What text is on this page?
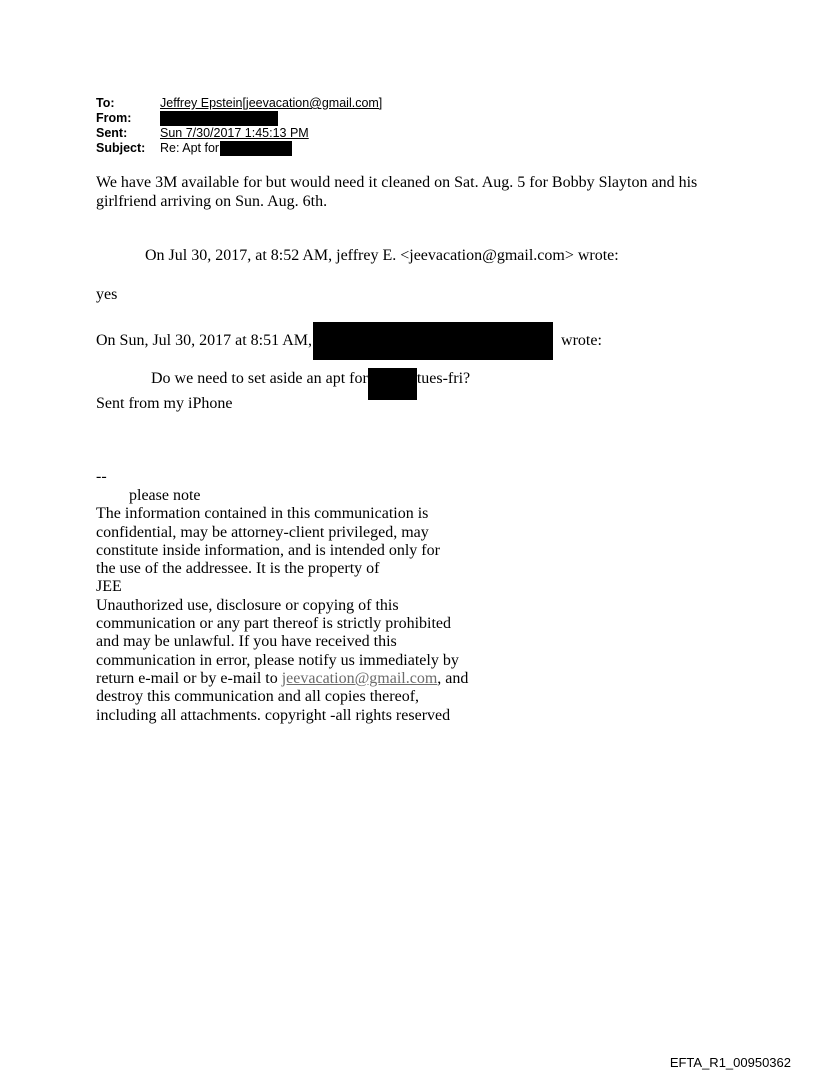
To:	Jeffrey Epstein[jeevacation@gmail.com]
From:
Sent:	Sun 7/30/2017 1:45:13 PM
Subject:	Re: Apt for
We have 3M available for but would need it cleaned on Sat. Aug. 5 for Bobby Slayton and his girlfriend arriving on Sun. Aug. 6th.
On Jul 30, 2017, at 8:52 AM, jeffrey E. <jeevacation@gmail.com> wrote:
yes
On Sun, Jul 30, 2017 at 8:51 AM,	wrote:
Do we need to set aside an apt for	tues-fri?
Sent from my iPhone
--
please note
The information contained in this communication is
confidential, may be attorney-client privileged, may
constitute inside information, and is intended only for
the use of the addressee. It is the property of
JEE
Unauthorized use, disclosure or copying of this
communication or any part thereof is strictly prohibited
and may be unlawful. If you have received this
communication in error, please notify us immediately by
return e-mail or by e-mail to jeevacation@gmail.com, and
destroy this communication and all copies thereof,
including all attachments. copyright -all rights reserved
EFTA_R1_00950362
